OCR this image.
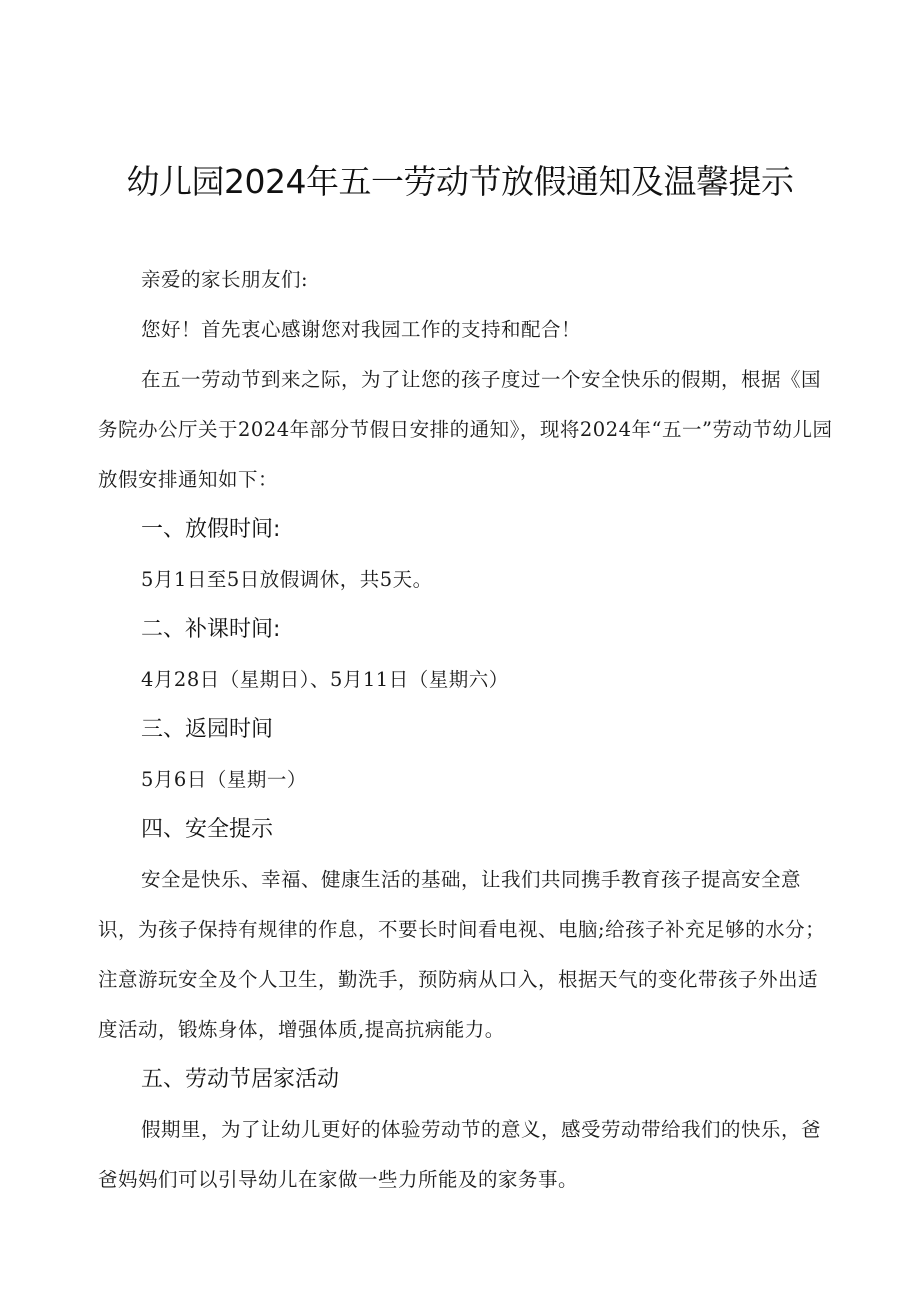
幼儿园2024年五一劳动节放假通知及温馨提示

亲爱的家长朋友们:

您好！首先衷心感谢您对我园工作的支持和配合！

在五一劳动节到来之际，为了让您的孩子度过一个安全快乐的假期，根据《国务院办公厅关于2024年部分节假日安排的通知》，现将2024年“五一”劳动节幼儿园放假安排通知如下：

一、放假时间:

5月1日至5日放假调休，共5天。

二、补课时间:

4月28日（星期日）、5月11日（星期六）

三、返园时间

5月6日（星期一）

四、安全提示

安全是快乐、幸福、健康生活的基础，让我们共同携手教育孩子提高安全意识，为孩子保持有规律的作息，不要长时间看电视、电脑;给孩子补充足够的水分；注意游玩安全及个人卫生，勤洗手，预防病从口入，根据天气的变化带孩子外出适度活动，锻炼身体，增强体质,提高抗病能力。

五、劳动节居家活动

假期里，为了让幼儿更好的体验劳动节的意义，感受劳动带给我们的快乐，爸爸妈妈们可以引导幼儿在家做一些力所能及的家务事。
